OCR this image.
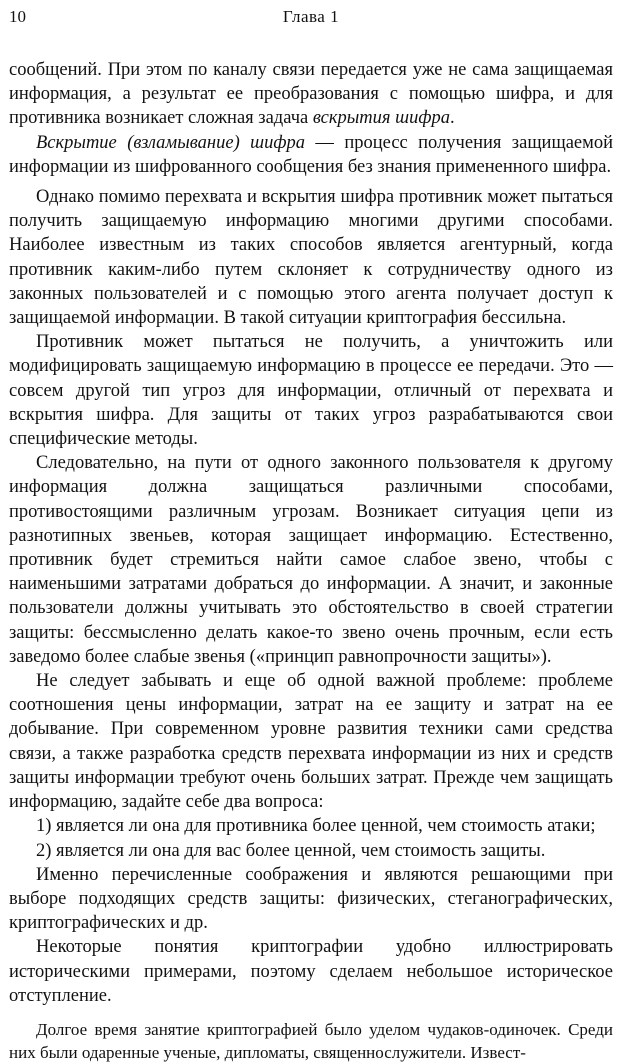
10	Глава 1

сообщений. При этом по каналу связи передается уже не сама защищаемая информация, а результат ее преобразования с помощью шифра, и для противника возникает сложная задача вскрытия шифра.

Вскрытие (взламывание) шифра — процесс получения защищаемой информации из шифрованного сообщения без знания примененного шифра.

Однако помимо перехвата и вскрытия шифра противник может пытаться получить защищаемую информацию многими другими способами. Наиболее известным из таких способов является агентурный, когда противник каким-либо путем склоняет к сотрудничеству одного из законных пользователей и с помощью этого агента получает доступ к защищаемой информации. В такой ситуации криптография бессильна.

Противник может пытаться не получить, а уничтожить или модифицировать защищаемую информацию в процессе ее передачи. Это — совсем другой тип угроз для информации, отличный от перехвата и вскрытия шифра. Для защиты от таких угроз разрабатываются свои специфические методы.

Следовательно, на пути от одного законного пользователя к другому информация должна защищаться различными способами, противостоящими различным угрозам. Возникает ситуация цепи из разнотипных звеньев, которая защищает информацию. Естественно, противник будет стремиться найти самое слабое звено, чтобы с наименьшими затратами добраться до информации. А значит, и законные пользователи должны учитывать это обстоятельство в своей стратегии защиты: бессмысленно делать какое-то звено очень прочным, если есть заведомо более слабые звенья («принцип равнопрочности защиты»).

Не следует забывать и еще об одной важной проблеме: проблеме соотношения цены информации, затрат на ее защиту и затрат на ее добывание. При современном уровне развития техники сами средства связи, а также разработка средств перехвата информации из них и средств защиты информации требуют очень больших затрат. Прежде чем защищать информацию, задайте себе два вопроса:

1) является ли она для противника более ценной, чем стоимость атаки;

2) является ли она для вас более ценной, чем стоимость защиты.

Именно перечисленные соображения и являются решающими при выборе подходящих средств защиты: физических, стеганографических, криптографических и др.

Некоторые понятия криптографии удобно иллюстрировать историческими примерами, поэтому сделаем небольшое историческое отступление.

Долгое время занятие криптографией было уделом чудаков-одиночек. Среди них были одаренные ученые, дипломаты, священнослужители. Извест-
